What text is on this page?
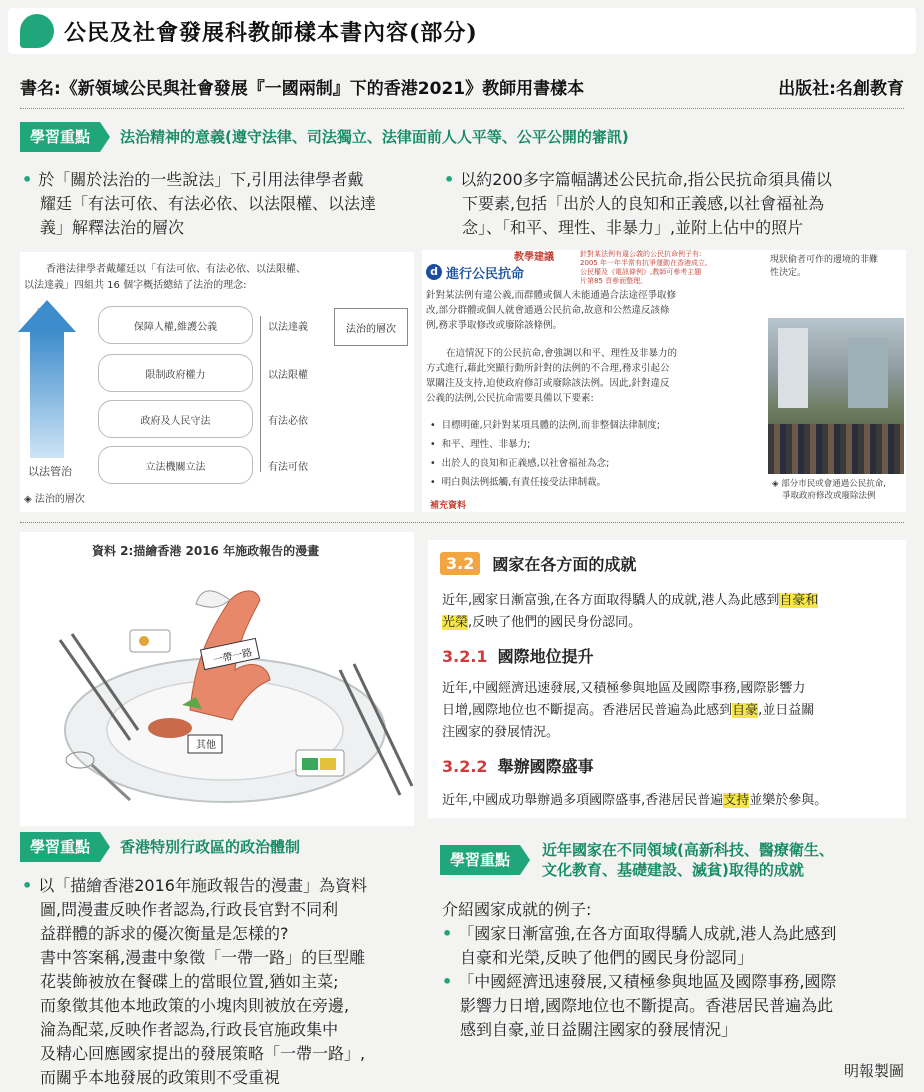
公民及社會發展科教師樣本書內容(部分)
書名:《新領域公民與社會發展『一國兩制』下的香港2021》教師用書樣本	出版社:名創教育
學習重點	法治精神的意義(遵守法律、司法獨立、法律面前人人平等、公平公開的審訊)
• 於「關於法治的一些說法」下,引用法律學者戴
耀廷「有法可依、有法必依、以法限權、以法達
義」解釋法治的層次
• 以約200多字篇幅講述公民抗命,指公民抗命須具備以
下要素,包括「出於人的良知和正義感,以社會福祉為
念」、「和平、理性、非暴力」,並附上佔中的照片
香港法律學者戴耀廷以「有法可依、有法必依、以法限權、
以法達義」四組共 16 個字概括總結了法治的理念:
法治
以法管治
保障人權,維護公義	以法達義
限制政府權力	以法限權
政府及人民守法	有法必依
立法機關立法	有法可依
法治的層次
◈ 法治的層次
d 進行公民抗命
教學建議	針對某法例有違公義的公民抗命例子有:
2005 年一年半常有抗爭運動在香港成立,
公民權及《電訊條例》,教師可參考主題
片第85 頁參面整理。
針對某法例有違公義,而群體或個人未能通過合法途徑爭取修
改,部分群體或個人就會通過公民抗命,故意和公然違反該條
例,務求爭取修改或廢除該條例。
在這情況下的公民抗命,會強調以和平、理性及非暴力的
方式進行,藉此突顯行動所針對的法例的不合理,務求引起公
眾關注及支持,迫使政府修訂或廢除該法例。因此,針對違反
公義的法例,公民抗命需要具備以下要素:
•  目標明確,只針對某項具體的法例,而非整個法律制度;
•  和平、理性、非暴力;
•  出於人的良知和正義感,以社會福祉為念;
•  明白與法例抵觸,有責任接受法律制裁。
補充資料
現狀偷者可作的邊境的非難
性決定。
◈ 部分市民或會通過公民抗命,
爭取政府修改或廢除法例
資料 2:描繪香港 2016 年施政報告的漫畫
一帶一路
其他
3.2	國家在各方面的成就
近年,國家日漸富強,在各方面取得驕人的成就,港人為此感到自豪和
光榮,反映了他們的國民身份認同。
3.2.1 國際地位提升
近年,中國經濟迅速發展,又積極參與地區及國際事務,國際影響力
日增,國際地位也不斷提高。香港居民普遍為此感到自豪,並日益關
注國家的發展情況。
3.2.2 舉辦國際盛事
近年,中國成功舉辦過多項國際盛事,香港居民普遍支持並樂於參與。
學習重點	香港特別行政區的政治體制
• 以「描繪香港2016年施政報告的漫畫」為資料
圖,問漫畫反映作者認為,行政長官對不同利
益群體的訴求的優次衡量是怎樣的?
書中答案稱,漫畫中象徵「一帶一路」的巨型雕
花裝飾被放在餐碟上的當眼位置,猶如主菜;
而象徵其他本地政策的小塊肉則被放在旁邊,
淪為配菜,反映作者認為,行政長官施政集中
及精心回應國家提出的發展策略「一帶一路」,
而關乎本地發展的政策則不受重視
學習重點
近年國家在不同領域(高新科技、醫療衛生、
文化教育、基礎建設、滅貧)取得的成就
介紹國家成就的例子:
• 「國家日漸富強,在各方面取得驕人成就,港人為此感到
自豪和光榮,反映了他們的國民身份認同」
• 「中國經濟迅速發展,又積極參與地區及國際事務,國際
影響力日增,國際地位也不斷提高。香港居民普遍為此
感到自豪,並日益關注國家的發展情況」
明報製圖
